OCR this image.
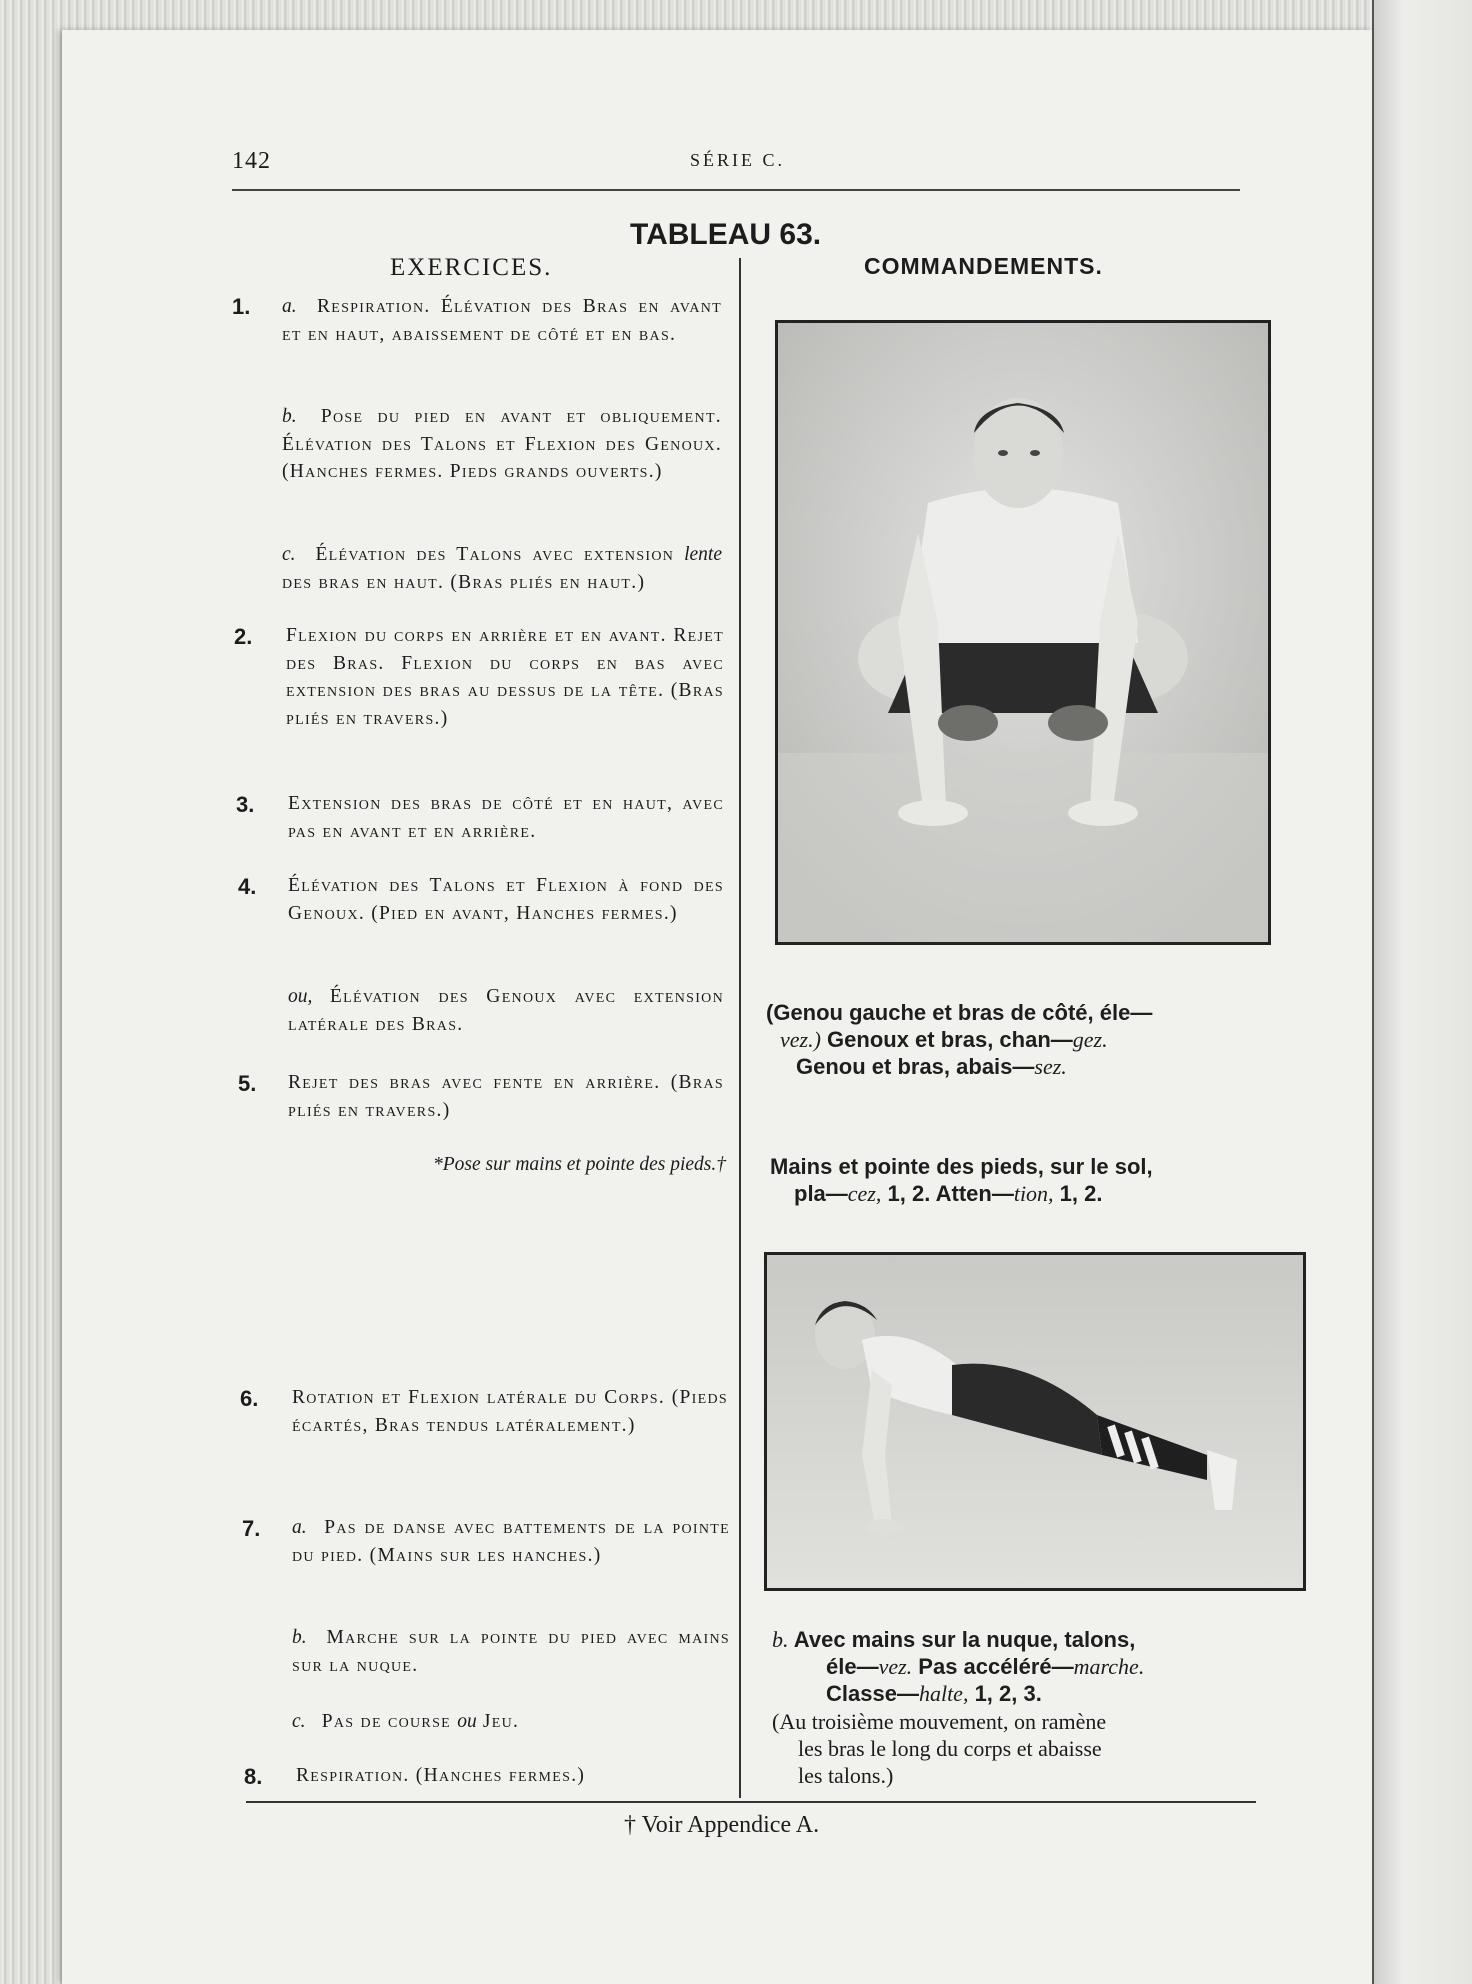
142	SÉRIE C.
TABLEAU 63.
EXERCICES.	COMMANDEMENTS.
1. a. Respiration. Élévation des Bras en avant et en haut, abaissement de côté et en bas.
b. Pose du pied en avant et obliquement. Élévation des Talons et Flexion des Genoux. (Hanches fermes. Pieds grands ouverts.)
c. Élévation des Talons avec extension lente des bras en haut. (Bras pliés en haut.)
2. Flexion du corps en arrière et en avant. Rejet des Bras. Flexion du corps en bas avec extension des bras au dessus de la tête. (Bras pliés en travers.)
3. Extension des bras de côté et en haut, avec pas en avant et en arrière.
4. Élévation des Talons et Flexion à fond des Genoux. (Pied en avant, Hanches fermes.)
ou, Élévation des Genoux avec extension latérale des Bras.
5. Rejet des bras avec fente en arrière. (Bras pliés en travers.)
*Pose sur mains et pointe des pieds.†
6. Rotation et Flexion latérale du Corps. (Pieds écartés, Bras tendus latéralement.)
7. a. Pas de danse avec battements de la pointe du pied. (Mains sur les hanches.)
b. Marche sur la pointe du pied avec mains sur la nuque.
c. Pas de course ou Jeu.
8. Respiration. (Hanches fermes.)
(Genou gauche et bras de côté, éle—
vez.) Genoux et bras, chan—gez.
Genou et bras, abais—sez.
Mains et pointe des pieds, sur le sol,
pla—cez, 1, 2. Atten—tion, 1, 2.
b. Avec mains sur la nuque, talons,
éle—vez. Pas accéléré—marche.
Classe—halte, 1, 2, 3.
(Au troisième mouvement, on ramène
les bras le long du corps et abaisse
les talons.)
† Voir Appendice A.
